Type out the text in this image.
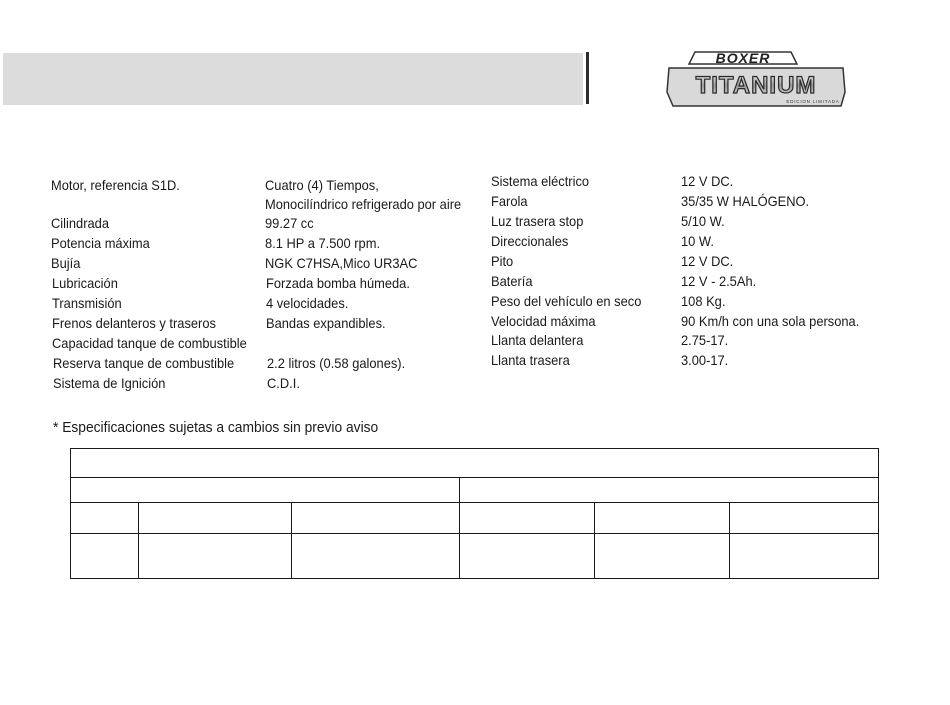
BOXER
TITANIUM
EDICION LIMITADA
Motor, referencia S1D.	Cuatro (4) Tiempos,
Monocilíndrico refrigerado por aire
Cilindrada	99.27 cc
Potencia máxima	8.1 HP a 7.500 rpm.
Bujía	NGK C7HSA,Mico UR3AC
Lubricación	Forzada bomba húmeda.
Transmisión	4 velocidades.
Frenos delanteros y traseros	Bandas expandibles.
Capacidad tanque de combustible
Reserva tanque de combustible 2.2 litros (0.58 galones).
Sistema de Ignición	C.D.I.
Sistema eléctrico	12 V DC.
Farola	35/35 W HALÓGENO.
Luz trasera stop	5/10 W.
Direccionales	10 W.
Pito	12 V DC.
Batería	12 V - 2.5Ah.
Peso del vehículo en seco	108 Kg.
Velocidad máxima	90 Km/h con una sola persona.
Llanta delantera	2.75-17.
Llanta trasera	3.00-17.
* Especificaciones sujetas a cambios sin previo aviso
